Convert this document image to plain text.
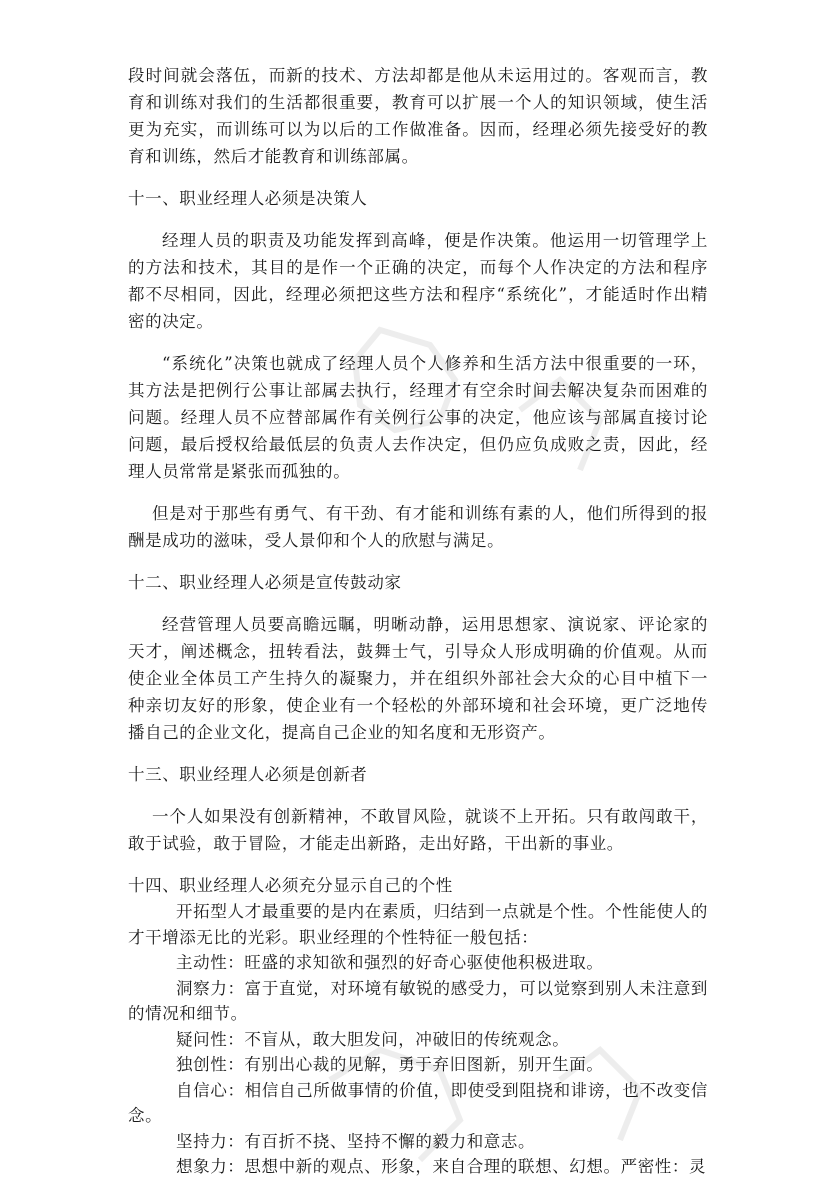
段时间就会落伍，而新的技术、方法却都是他从未运用过的。客观而言，教育和训练对我们的生活都很重要，教育可以扩展一个人的知识领域，使生活更为充实，而训练可以为以后的工作做准备。因而，经理必须先接受好的教育和训练，然后才能教育和训练部属。

十一、职业经理人必须是决策人

经理人员的职责及功能发挥到高峰，便是作决策。他运用一切管理学上的方法和技术，其目的是作一个正确的决定，而每个人作决定的方法和程序都不尽相同，因此，经理必须把这些方法和程序“系统化”，才能适时作出精密的决定。

“系统化”决策也就成了经理人员个人修养和生活方法中很重要的一环，其方法是把例行公事让部属去执行，经理才有空余时间去解决复杂而困难的问题。经理人员不应替部属作有关例行公事的决定，他应该与部属直接讨论问题，最后授权给最低层的负责人去作决定，但仍应负成败之责，因此，经理人员常常是紧张而孤独的。

但是对于那些有勇气、有干劲、有才能和训练有素的人，他们所得到的报酬是成功的滋味，受人景仰和个人的欣慰与满足。

十二、职业经理人必须是宣传鼓动家

经营管理人员要高瞻远瞩，明晰动静，运用思想家、演说家、评论家的天才，阐述概念，扭转看法，鼓舞士气，引导众人形成明确的价值观。从而使企业全体员工产生持久的凝聚力，并在组织外部社会大众的心目中植下一种亲切友好的形象，使企业有一个轻松的外部环境和社会环境，更广泛地传播自己的企业文化，提高自己企业的知名度和无形资产。

十三、职业经理人必须是创新者

一个人如果没有创新精神，不敢冒风险，就谈不上开拓。只有敢闯敢干，敢于试验，敢于冒险，才能走出新路，走出好路，干出新的事业。

十四、职业经理人必须充分显示自己的个性

开拓型人才最重要的是内在素质，归结到一点就是个性。个性能使人的才干增添无比的光彩。职业经理的个性特征一般包括：

主动性：旺盛的求知欲和强烈的好奇心驱使他积极进取。

洞察力：富于直觉，对环境有敏锐的感受力，可以觉察到别人未注意到的情况和细节。

疑问性：不盲从，敢大胆发问，冲破旧的传统观念。

独创性：有别出心裁的见解，勇于弃旧图新，别开生面。

自信心：相信自己所做事情的价值，即使受到阻挠和诽谤，也不改变信念。

坚持力：有百折不挠、坚持不懈的毅力和意志。

想象力：思想中新的观点、形象，来自合理的联想、幻想。严密性：灵
